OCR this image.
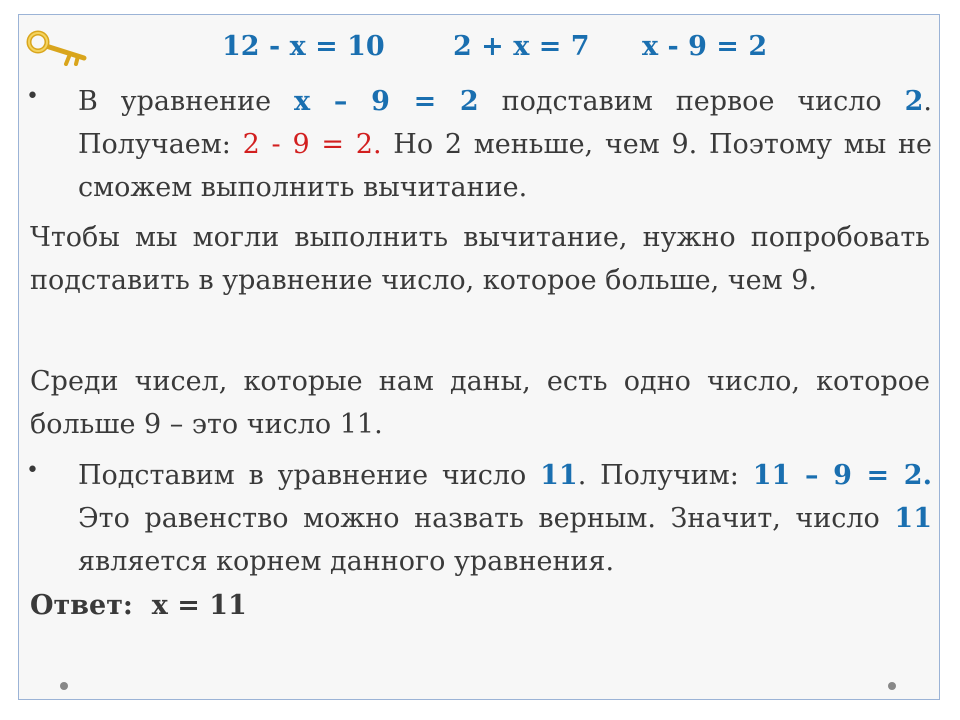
12 - x = 10	2 + x = 7 x - 9 = 2
• В уравнение x – 9 = 2 подставим первое число 2. Получаем: 2 - 9 = 2. Но 2 меньше, чем 9. Поэтому мы не сможем выполнить вычитание.
Чтобы мы могли выполнить вычитание, нужно попробовать подставить в уравнение число, которое больше, чем 9.
Среди чисел, которые нам даны, есть одно число, которое больше 9 – это число 11.
• Подставим в уравнение число 11. Получим: 11 – 9 = 2. Это равенство можно назвать верным. Значит, число 11 является корнем данного уравнения.
Ответ: x = 11
